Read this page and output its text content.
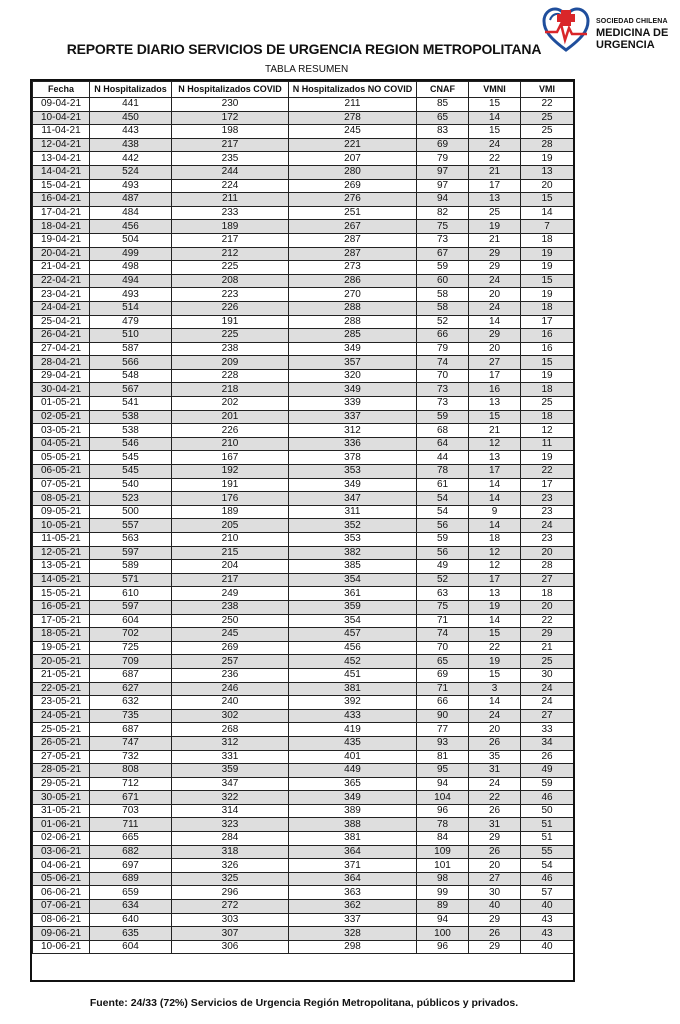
SOCIEDAD CHILENA
MEDICINA DE
URGENCIA
REPORTE DIARIO SERVICIOS DE URGENCIA REGION METROPOLITANA
TABLA RESUMEN
Fecha	N Hospitalizados	N Hospitalizados COVID	N Hospitalizados NO COVID	CNAF	VMNI	VMI
09-04-21	441	230	211	85	15	22
10-04-21	450	172	278	65	14	25
11-04-21	443	198	245	83	15	25
12-04-21	438	217	221	69	24	28
13-04-21	442	235	207	79	22	19
14-04-21	524	244	280	97	21	13
15-04-21	493	224	269	97	17	20
16-04-21	487	211	276	94	13	15
17-04-21	484	233	251	82	25	14
18-04-21	456	189	267	75	19	7
19-04-21	504	217	287	73	21	18
20-04-21	499	212	287	67	29	19
21-04-21	498	225	273	59	29	19
22-04-21	494	208	286	60	24	15
23-04-21	493	223	270	58	20	19
24-04-21	514	226	288	58	24	18
25-04-21	479	191	288	52	14	17
26-04-21	510	225	285	66	29	16
27-04-21	587	238	349	79	20	16
28-04-21	566	209	357	74	27	15
29-04-21	548	228	320	70	17	19
30-04-21	567	218	349	73	16	18
01-05-21	541	202	339	73	13	25
02-05-21	538	201	337	59	15	18
03-05-21	538	226	312	68	21	12
04-05-21	546	210	336	64	12	11
05-05-21	545	167	378	44	13	19
06-05-21	545	192	353	78	17	22
07-05-21	540	191	349	61	14	17
08-05-21	523	176	347	54	14	23
09-05-21	500	189	311	54	9	23
10-05-21	557	205	352	56	14	24
11-05-21	563	210	353	59	18	23
12-05-21	597	215	382	56	12	20
13-05-21	589	204	385	49	12	28
14-05-21	571	217	354	52	17	27
15-05-21	610	249	361	63	13	18
16-05-21	597	238	359	75	19	20
17-05-21	604	250	354	71	14	22
18-05-21	702	245	457	74	15	29
19-05-21	725	269	456	70	22	21
20-05-21	709	257	452	65	19	25
21-05-21	687	236	451	69	15	30
22-05-21	627	246	381	71	3	24
23-05-21	632	240	392	66	14	24
24-05-21	735	302	433	90	24	27
25-05-21	687	268	419	77	20	33
26-05-21	747	312	435	93	26	34
27-05-21	732	331	401	81	35	26
28-05-21	808	359	449	95	31	49
29-05-21	712	347	365	94	24	59
30-05-21	671	322	349	104	22	46
31-05-21	703	314	389	96	26	50
01-06-21	711	323	388	78	31	51
02-06-21	665	284	381	84	29	51
03-06-21	682	318	364	109	26	55
04-06-21	697	326	371	101	20	54
05-06-21	689	325	364	98	27	46
06-06-21	659	296	363	99	30	57
07-06-21	634	272	362	89	40	40
08-06-21	640	303	337	94	29	43
09-06-21	635	307	328	100	26	43
10-06-21	604	306	298	96	29	40
Fuente: 24/33 (72%) Servicios de Urgencia Región Metropolitana, públicos y privados.
